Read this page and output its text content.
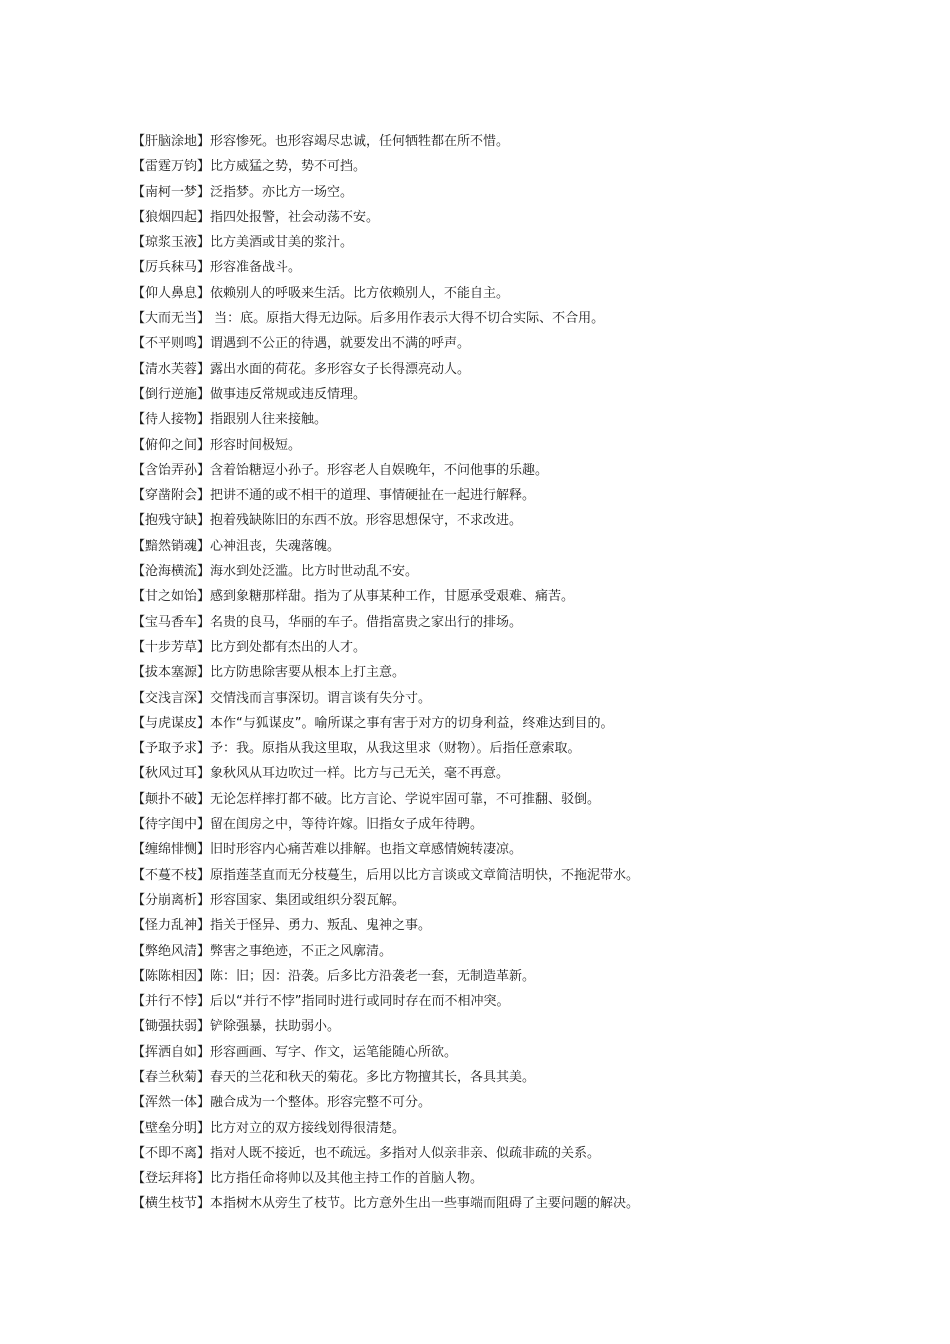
【肝脑涂地】形容惨死。也形容竭尽忠诚，任何牺牲都在所不惜。
【雷霆万钧】比方威猛之势，势不可挡。
【南柯一梦】泛指梦。亦比方一场空。
【狼烟四起】指四处报警，社会动荡不安。
【琼浆玉液】比方美酒或甘美的浆汁。
【厉兵秣马】形容准备战斗。
【仰人鼻息】依赖别人的呼吸来生活。比方依赖别人，不能自主。
【大而无当】 当：底。原指大得无边际。后多用作表示大得不切合实际、不合用。
【不平则鸣】谓遇到不公正的待遇，就要发出不满的呼声。
【清水芙蓉】露出水面的荷花。多形容女子长得漂亮动人。
【倒行逆施】做事违反常规或违反情理。
【待人接物】指跟别人往来接触。
【俯仰之间】形容时间极短。
【含饴弄孙】含着饴糖逗小孙子。形容老人自娱晚年，不问他事的乐趣。
【穿凿附会】把讲不通的或不相干的道理、事情硬扯在一起进行解释。
【抱残守缺】抱着残缺陈旧的东西不放。形容思想保守，不求改进。
【黯然销魂】心神沮丧，失魂落魄。
【沧海横流】海水到处泛滥。比方时世动乱不安。
【甘之如饴】感到象糖那样甜。指为了从事某种工作，甘愿承受艰难、痛苦。
【宝马香车】名贵的良马，华丽的车子。借指富贵之家出行的排场。
【十步芳草】比方到处都有杰出的人才。
【拔本塞源】比方防患除害要从根本上打主意。
【交浅言深】交情浅而言事深切。谓言谈有失分寸。
【与虎谋皮】本作“与狐谋皮”。喻所谋之事有害于对方的切身利益，终难达到目的。
【予取予求】予：我。原指从我这里取，从我这里求（财物）。后指任意索取。
【秋风过耳】象秋风从耳边吹过一样。比方与己无关，毫不再意。
【颠扑不破】无论怎样摔打都不破。比方言论、学说牢固可靠，不可推翻、驳倒。
【待字闺中】留在闺房之中，等待许嫁。旧指女子成年待聘。
【缠绵悱恻】旧时形容内心痛苦难以排解。也指文章感情婉转凄凉。
【不蔓不枝】原指莲茎直而无分枝蔓生，后用以比方言谈或文章简洁明快，不拖泥带水。
【分崩离析】形容国家、集团或组织分裂瓦解。
【怪力乱神】指关于怪异、勇力、叛乱、鬼神之事。
【弊绝风清】弊害之事绝迹，不正之风廓清。
【陈陈相因】陈：旧；因：沿袭。后多比方沿袭老一套，无制造革新。
【并行不悖】后以“并行不悖”指同时进行或同时存在而不相冲突。
【锄强扶弱】铲除强暴，扶助弱小。
【挥洒自如】形容画画、写字、作文，运笔能随心所欲。
【春兰秋菊】春天的兰花和秋天的菊花。多比方物擅其长，各具其美。
【浑然一体】融合成为一个整体。形容完整不可分。
【壁垒分明】比方对立的双方接线划得很清楚。
【不即不离】指对人既不接近，也不疏远。多指对人似亲非亲、似疏非疏的关系。
【登坛拜将】比方指任命将帅以及其他主持工作的首脑人物。
【横生枝节】本指树木从旁生了枝节。比方意外生出一些事端而阻碍了主要问题的解决。
